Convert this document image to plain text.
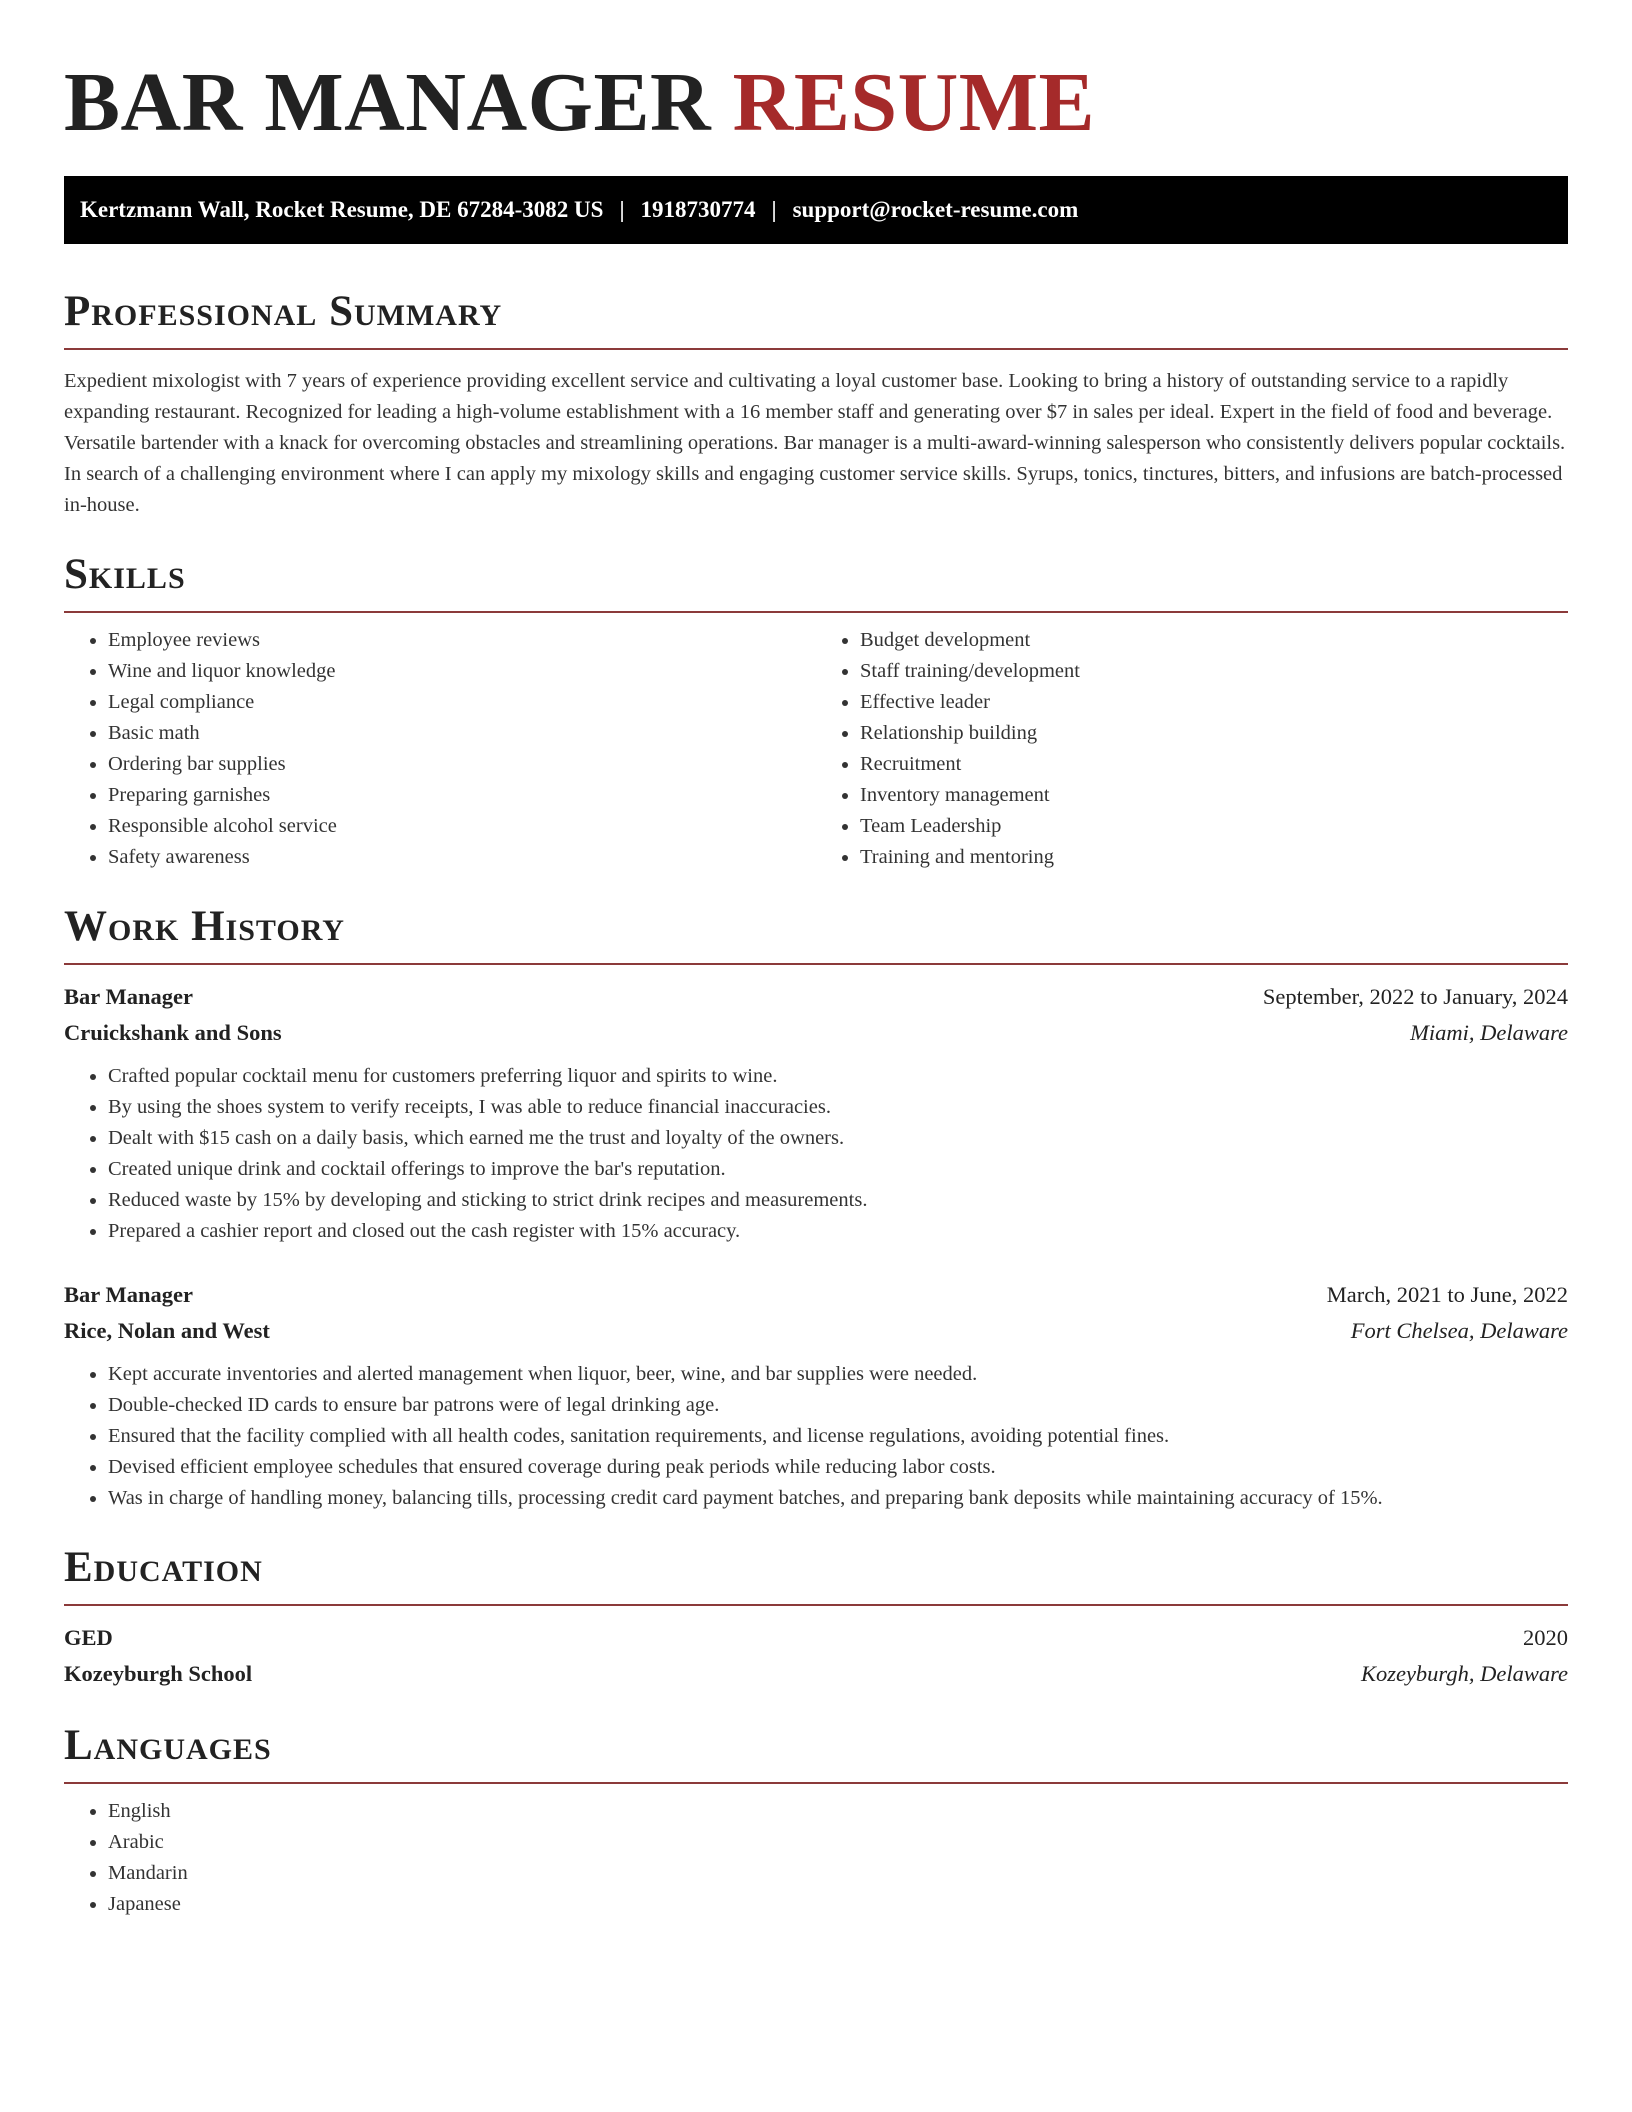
BAR MANAGER RESUME
Kertzmann Wall, Rocket Resume, DE 67284-3082 US | 1918730774 | support@rocket-resume.com
Professional Summary

Expedient mixologist with 7 years of experience providing excellent service and cultivating a loyal customer base. Looking to bring a history of outstanding service to a rapidly expanding restaurant. Recognized for leading a high-volume establishment with a 16 member staff and generating over $7 in sales per ideal. Expert in the field of food and beverage. Versatile bartender with a knack for overcoming obstacles and streamlining operations. Bar manager is a multi-award-winning salesperson who consistently delivers popular cocktails. In search of a challenging environment where I can apply my mixology skills and engaging customer service skills. Syrups, tonics, tinctures, bitters, and infusions are batch-processed in-house.

Skills
• Employee reviews
• Wine and liquor knowledge
• Legal compliance
• Basic math
• Ordering bar supplies
• Preparing garnishes
• Responsible alcohol service
• Safety awareness
• Budget development
• Staff training/development
• Effective leader
• Relationship building
• Recruitment
• Inventory management
• Team Leadership
• Training and mentoring
Work History
Bar Manager	September, 2022 to January, 2024
Cruickshank and Sons	Miami, Delaware
• Crafted popular cocktail menu for customers preferring liquor and spirits to wine.
• By using the shoes system to verify receipts, I was able to reduce financial inaccuracies.
• Dealt with $15 cash on a daily basis, which earned me the trust and loyalty of the owners.
• Created unique drink and cocktail offerings to improve the bar's reputation.
• Reduced waste by 15% by developing and sticking to strict drink recipes and measurements.
• Prepared a cashier report and closed out the cash register with 15% accuracy.
Bar Manager	March, 2021 to June, 2022
Rice, Nolan and West	Fort Chelsea, Delaware
• Kept accurate inventories and alerted management when liquor, beer, wine, and bar supplies were needed.
• Double-checked ID cards to ensure bar patrons were of legal drinking age.
• Ensured that the facility complied with all health codes, sanitation requirements, and license regulations, avoiding potential fines.
• Devised efficient employee schedules that ensured coverage during peak periods while reducing labor costs.
• Was in charge of handling money, balancing tills, processing credit card payment batches, and preparing bank deposits while maintaining accuracy of 15%.
Education
GED	2020
Kozeyburgh School	Kozeyburgh, Delaware
Languages
• English
• Arabic
• Mandarin
• Japanese
